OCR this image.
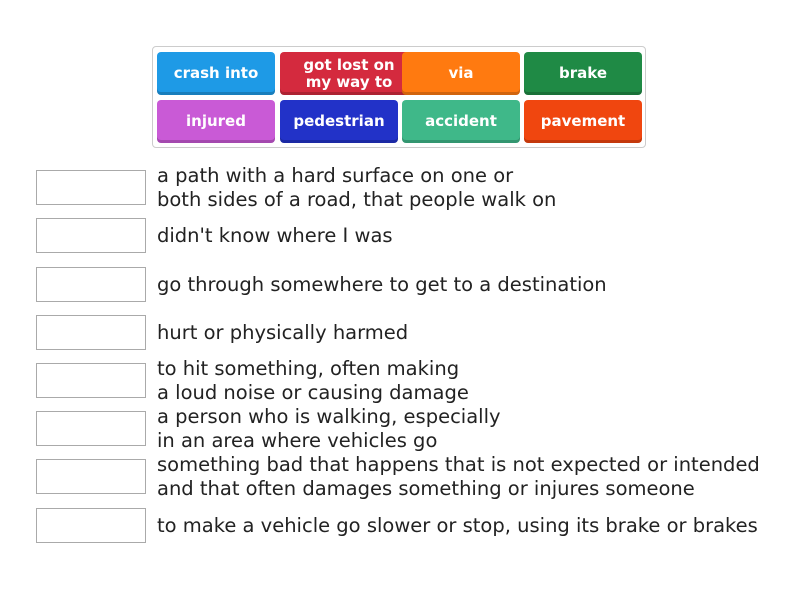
a path with a hard surface on one or
both sides of a road, that people walk on
didn't know where I was
go through somewhere to get to a destination
hurt or physically harmed
to hit something, often making
a loud noise or causing damage
a person who is walking, especially
in an area where vehicles go
something bad that happens that is not expected or intended
and that often damages something or injures someone
to make a vehicle go slower or stop, using its brake or brakes
crash into	got lost on my way to	via	brake
injured	pedestrian	accident	pavement
